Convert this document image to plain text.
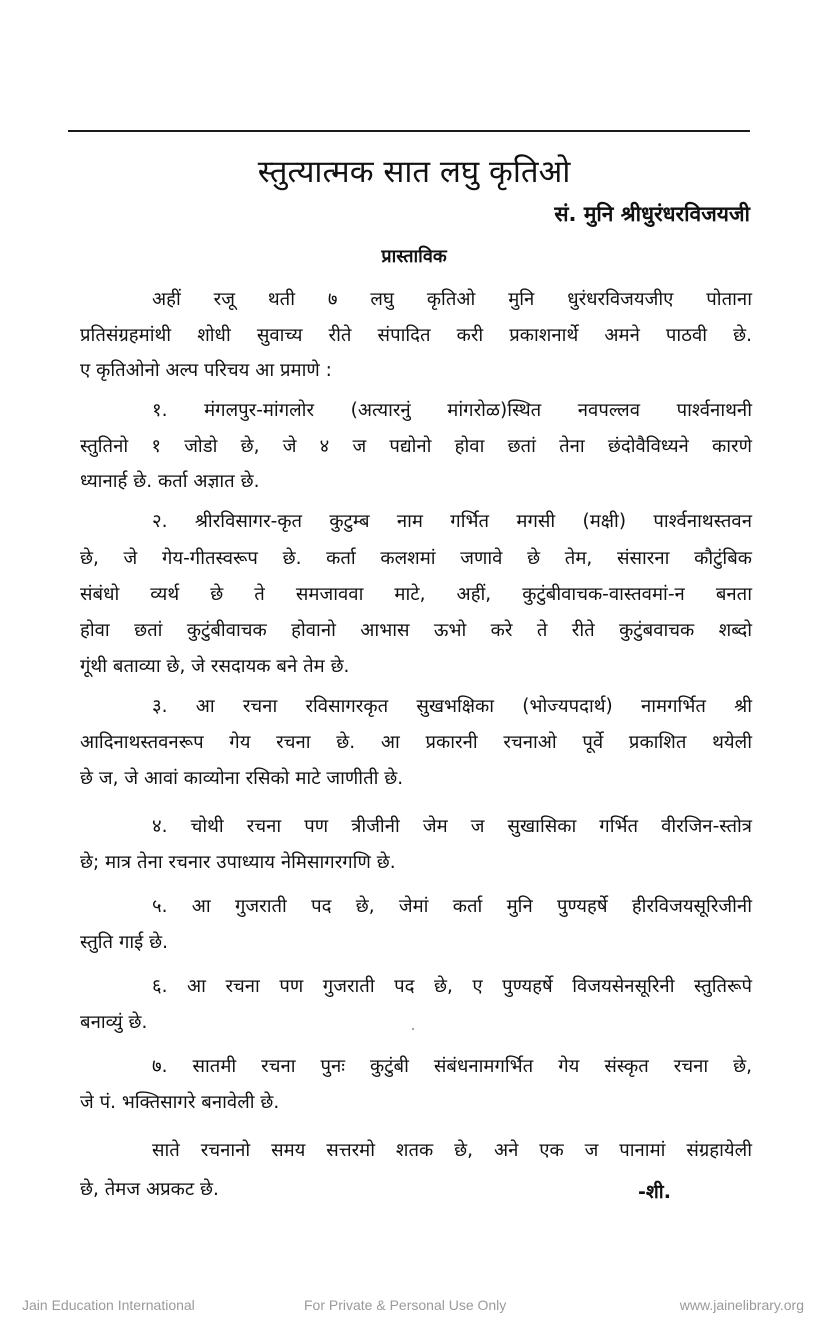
स्तुत्यात्मक सात लघु कृतिओ
सं. मुनि श्रीधुरंधरविजयजी
प्रास्ताविक
अहीं रजू थती ७ लघु कृतिओ मुनि धुरंधरविजयजीए पोताना
प्रतिसंग्रहमांथी शोधी सुवाच्य रीते संपादित करी प्रकाशनार्थे अमने पाठवी छे.
ए कृतिओनो अल्प परिचय आ प्रमाणे :
१. मंगलपुर-मांगलोर (अत्यारनुं मांगरोळ)स्थित नवपल्लव पार्श्वनाथनी
स्तुतिनो १ जोडो छे, जे ४ ज पद्योनो होवा छतां तेना छंदोवैविध्यने कारणे
ध्यानार्ह छे. कर्ता अज्ञात छे.
२. श्रीरविसागर-कृत कुटुम्ब नाम गर्भित मगसी (मक्षी) पार्श्वनाथस्तवन
छे, जे गेय-गीतस्वरूप छे. कर्ता कलशमां जणावे छे तेम, संसारना कौटुंबिक
संबंधो व्यर्थ छे ते समजाववा माटे, अहीं, कुटुंबीवाचक-वास्तवमां-न बनता
होवा छतां कुटुंबीवाचक होवानो आभास ऊभो करे ते रीते कुटुंबवाचक शब्दो
गूंथी बताव्या छे, जे रसदायक बने तेम छे.
३. आ रचना रविसागरकृत सुखभक्षिका (भोज्यपदार्थ) नामगर्भित श्री
आदिनाथस्तवनरूप गेय रचना छे. आ प्रकारनी रचनाओ पूर्वे प्रकाशित थयेली
छे ज, जे आवां काव्योना रसिको माटे जाणीती छे.
४. चोथी रचना पण त्रीजीनी जेम ज सुखासिका गर्भित वीरजिन-स्तोत्र
छे; मात्र तेना रचनार उपाध्याय नेमिसागरगणि छे.
५. आ गुजराती पद छे, जेमां कर्ता मुनि पुण्यहर्षे हीरविजयसूरिजीनी
स्तुति गाई छे.
६. आ रचना पण गुजराती पद छे, ए पुण्यहर्षे विजयसेनसूरिनी स्तुतिरूपे
बनाव्युं छे.
७. सातमी रचना पुनः कुटुंबी संबंधनामगर्भित गेय संस्कृत रचना छे,
जे पं. भक्तिसागरे बनावेली छे.
साते रचनानो समय सत्तरमो शतक छे, अने एक ज पानामां संग्रहायेली
छे, तेमज अप्रकट छे.	-शी.
Jain Education International	For Private & Personal Use Only	www.jainelibrary.org
